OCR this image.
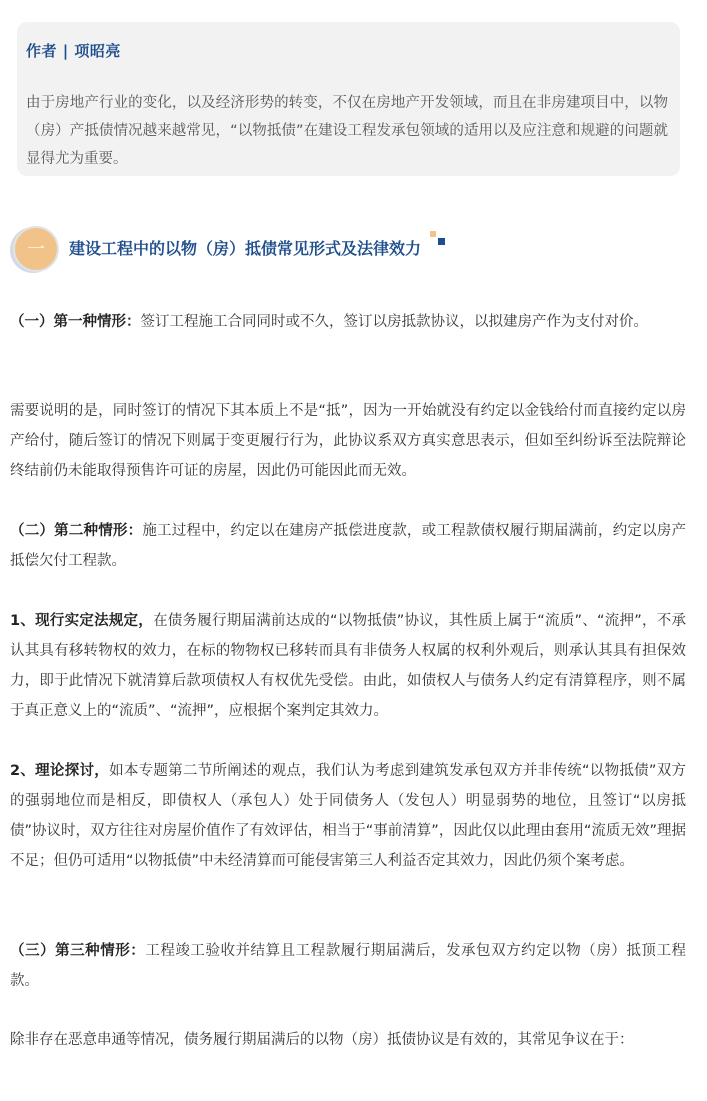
作者 | 项昭亮
由于房地产行业的变化，以及经济形势的转变，不仅在房地产开发领域，而且在非房建项目中，以物（房）产抵债情况越来越常见，“以物抵债”在建设工程发承包领域的适用以及应注意和规避的问题就显得尤为重要。
一	建设工程中的以物（房）抵债常见形式及法律效力
（一）第一种情形：签订工程施工合同同时或不久，签订以房抵款协议，以拟建房产作为支付对价。
需要说明的是，同时签订的情况下其本质上不是“抵”，因为一开始就没有约定以金钱给付而直接约定以房产给付，随后签订的情况下则属于变更履行行为，此协议系双方真实意思表示，但如至纠纷诉至法院辩论终结前仍未能取得预售许可证的房屋，因此仍可能因此而无效。
（二）第二种情形：施工过程中，约定以在建房产抵偿进度款，或工程款债权履行期届满前，约定以房产抵偿欠付工程款。
1、现行实定法规定，在债务履行期届满前达成的“以物抵债”协议，其性质上属于“流质”、“流押”，不承认其具有移转物权的效力，在标的物物权已移转而具有非债务人权属的权利外观后，则承认其具有担保效力，即于此情况下就清算后款项债权人有权优先受偿。由此，如债权人与债务人约定有清算程序，则不属于真正意义上的“流质”、“流押”，应根据个案判定其效力。
2、理论探讨，如本专题第二节所阐述的观点，我们认为考虑到建筑发承包双方并非传统“以物抵债”双方的强弱地位而是相反，即债权人（承包人）处于同债务人（发包人）明显弱势的地位，且签订“以房抵债”协议时，双方往往对房屋价值作了有效评估，相当于“事前清算”，因此仅以此理由套用“流质无效”理据不足；但仍可适用“以物抵债”中未经清算而可能侵害第三人利益否定其效力，因此仍须个案考虑。
（三）第三种情形：工程竣工验收并结算且工程款履行期届满后，发承包双方约定以物（房）抵顶工程款。
除非存在恶意串通等情况，债务履行期届满后的以物（房）抵债协议是有效的，其常见争议在于：
